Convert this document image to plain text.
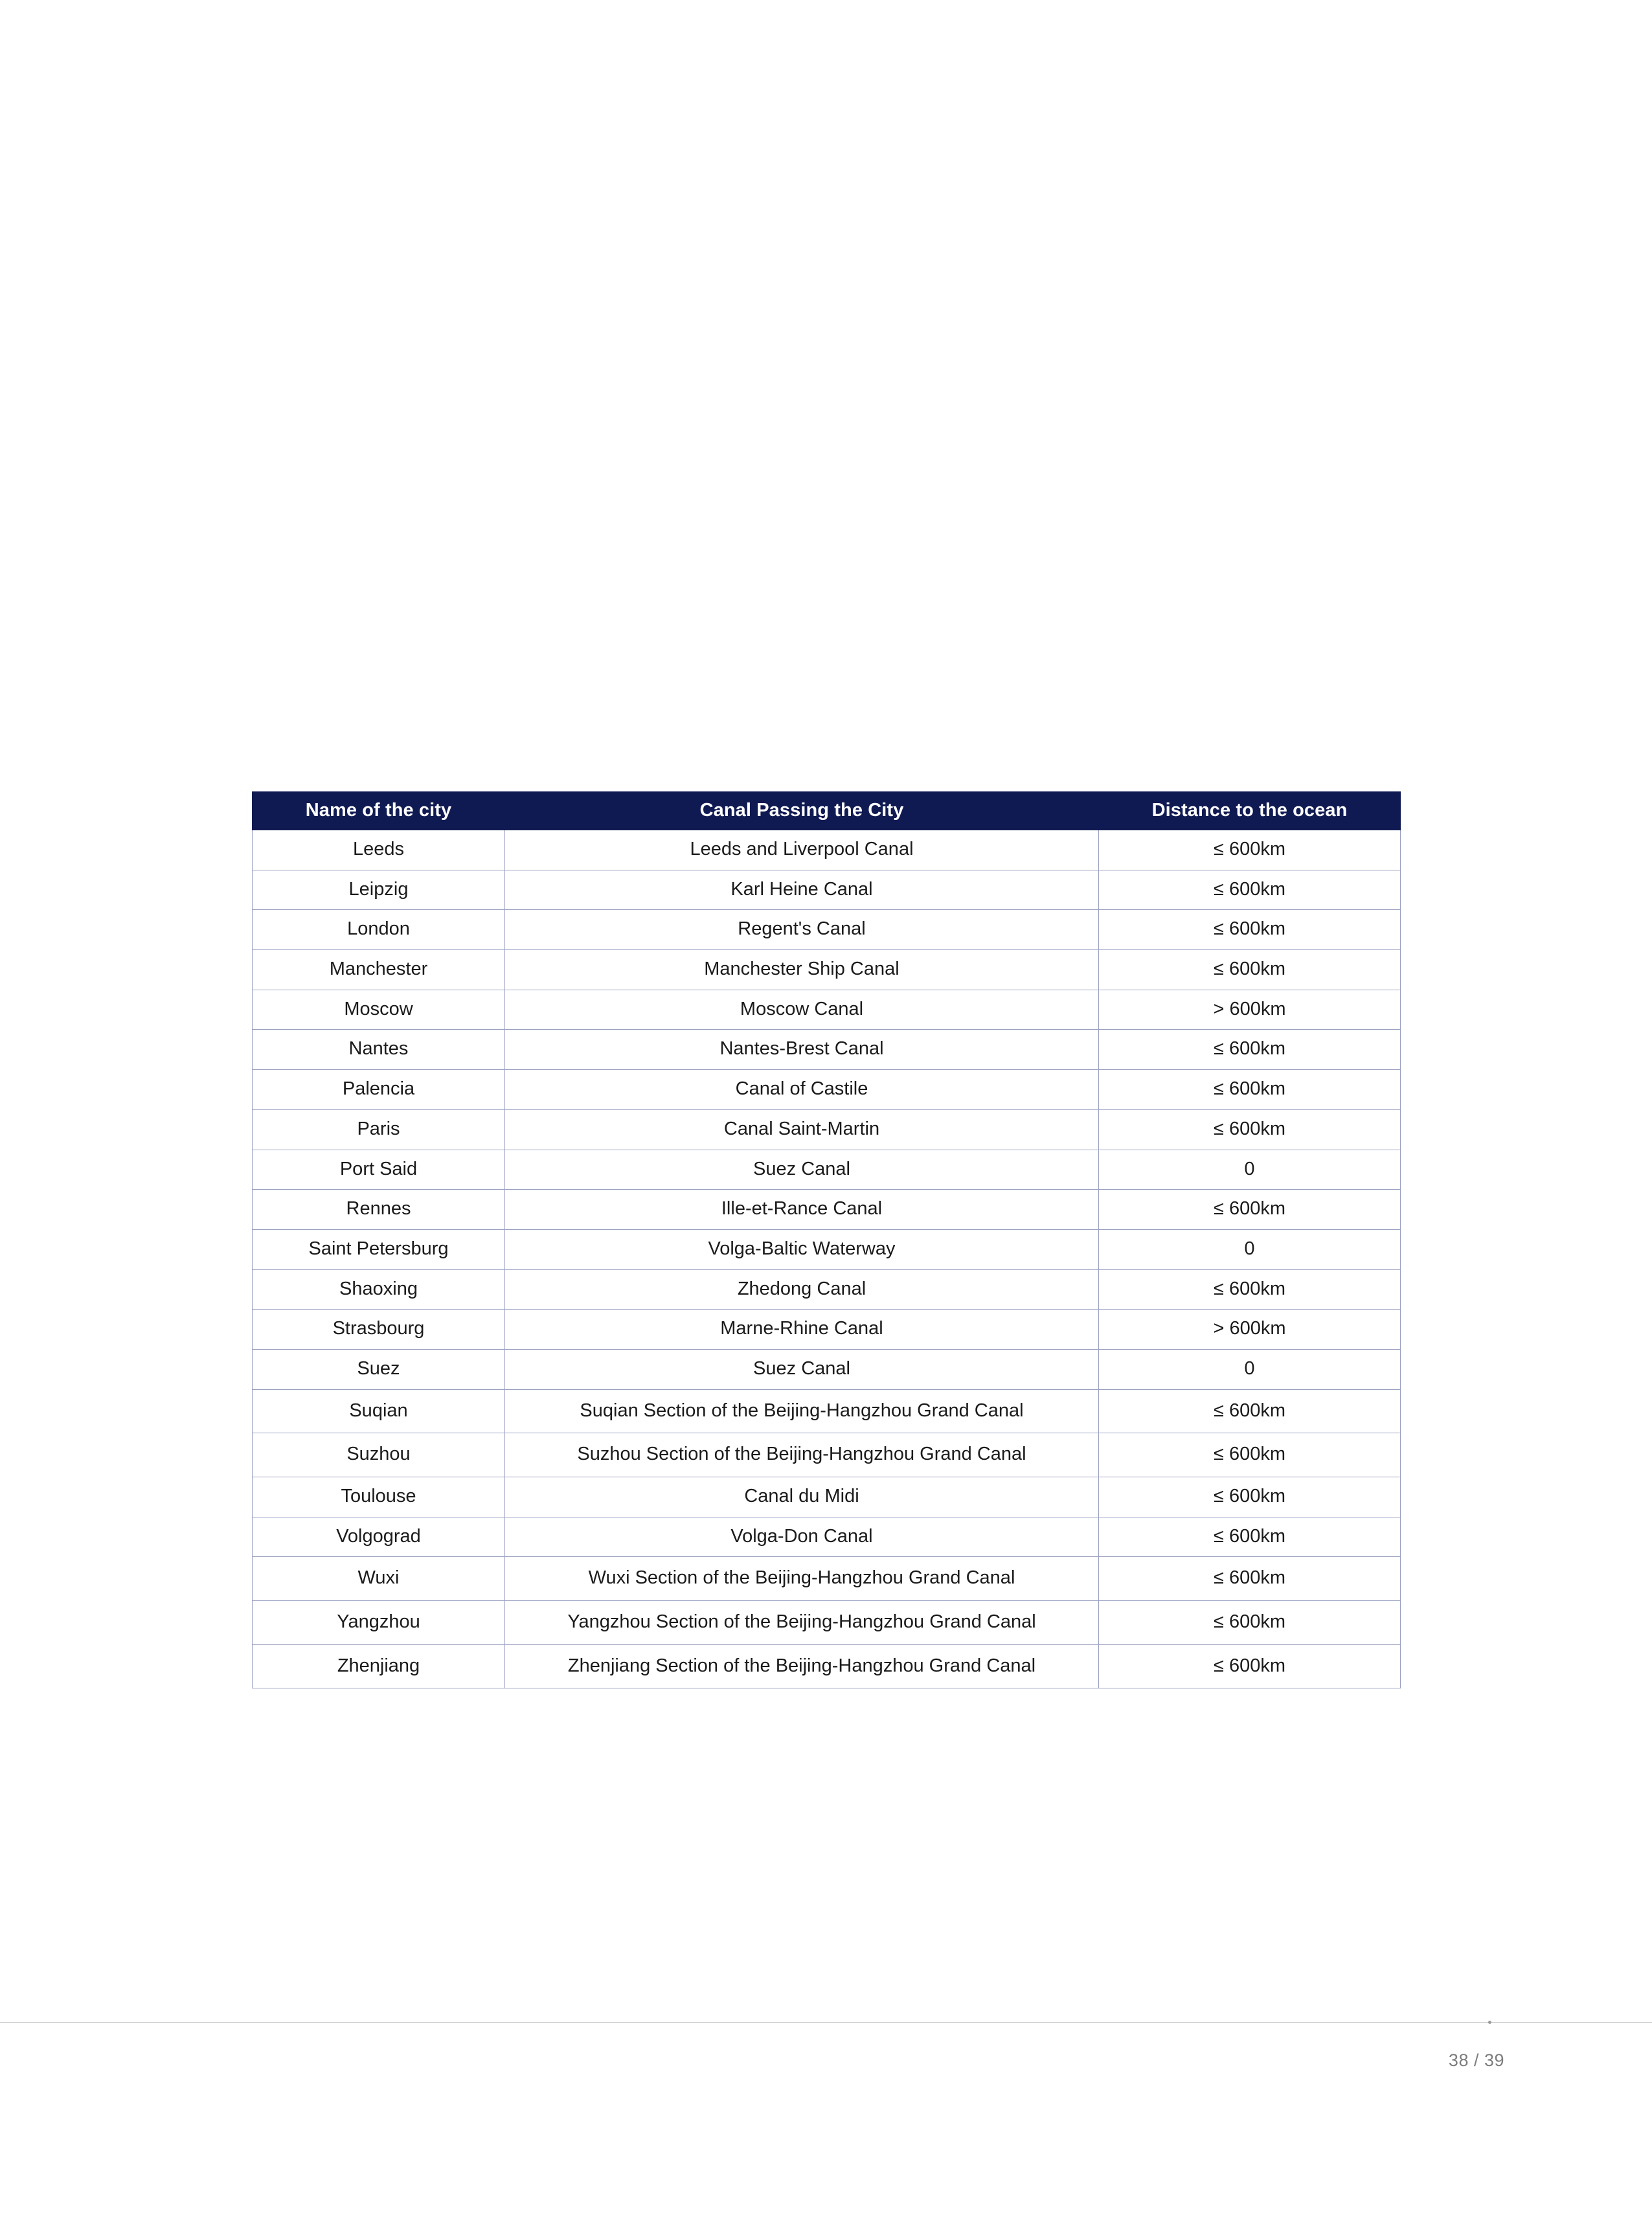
Name of the city	Canal Passing the City	Distance to the ocean
Leeds	Leeds and Liverpool Canal	≤ 600km
Leipzig	Karl Heine Canal	≤ 600km
London	Regent's Canal	≤ 600km
Manchester	Manchester Ship Canal	≤ 600km
Moscow	Moscow Canal	> 600km
Nantes	Nantes-Brest Canal	≤ 600km
Palencia	Canal of Castile	≤ 600km
Paris	Canal Saint-Martin	≤ 600km
Port Said	Suez Canal	0
Rennes	Ille-et-Rance Canal	≤ 600km
Saint Petersburg	Volga-Baltic Waterway	0
Shaoxing	Zhedong Canal	≤ 600km
Strasbourg	Marne-Rhine Canal	> 600km
Suez	Suez Canal	0
Suqian	Suqian Section of the Beijing-Hangzhou Grand Canal	≤ 600km
Suzhou	Suzhou Section of the Beijing-Hangzhou Grand Canal	≤ 600km
Toulouse	Canal du Midi	≤ 600km
Volgograd	Volga-Don Canal	≤ 600km
Wuxi	Wuxi Section of the Beijing-Hangzhou Grand Canal	≤ 600km
Yangzhou	Yangzhou Section of the Beijing-Hangzhou Grand Canal	≤ 600km
Zhenjiang	Zhenjiang Section of the Beijing-Hangzhou Grand Canal	≤ 600km
38 / 39
